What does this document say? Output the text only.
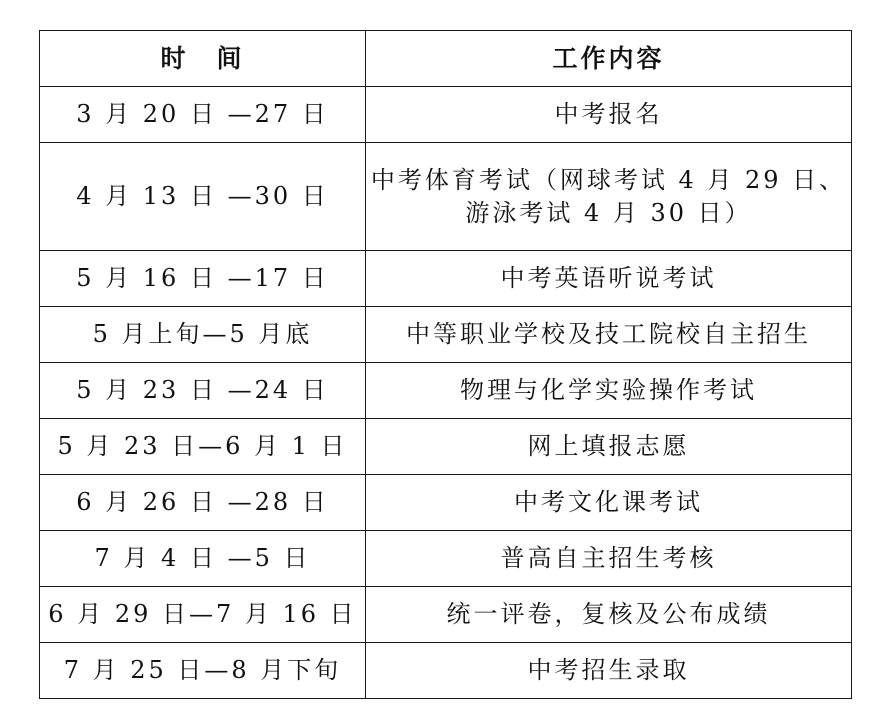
时　间	工作内容
3 月 20 日 —27 日	中考报名
4 月 13 日 —30 日	中考体育考试（网球考试 4 月 29 日、
游泳考试 4 月 30 日）

5 月 16 日 —17 日	中考英语听说考试
5 月上旬—5 月底	中等职业学校及技工院校自主招生
5 月 23 日 —24 日	物理与化学实验操作考试
5 月 23 日—6 月 1 日	网上填报志愿
6 月 26 日 —28 日	中考文化课考试
7 月 4 日 —5 日	普高自主招生考核
6 月 29 日—7 月 16 日	统一评卷，复核及公布成绩
7 月 25 日—8 月下旬	中考招生录取
